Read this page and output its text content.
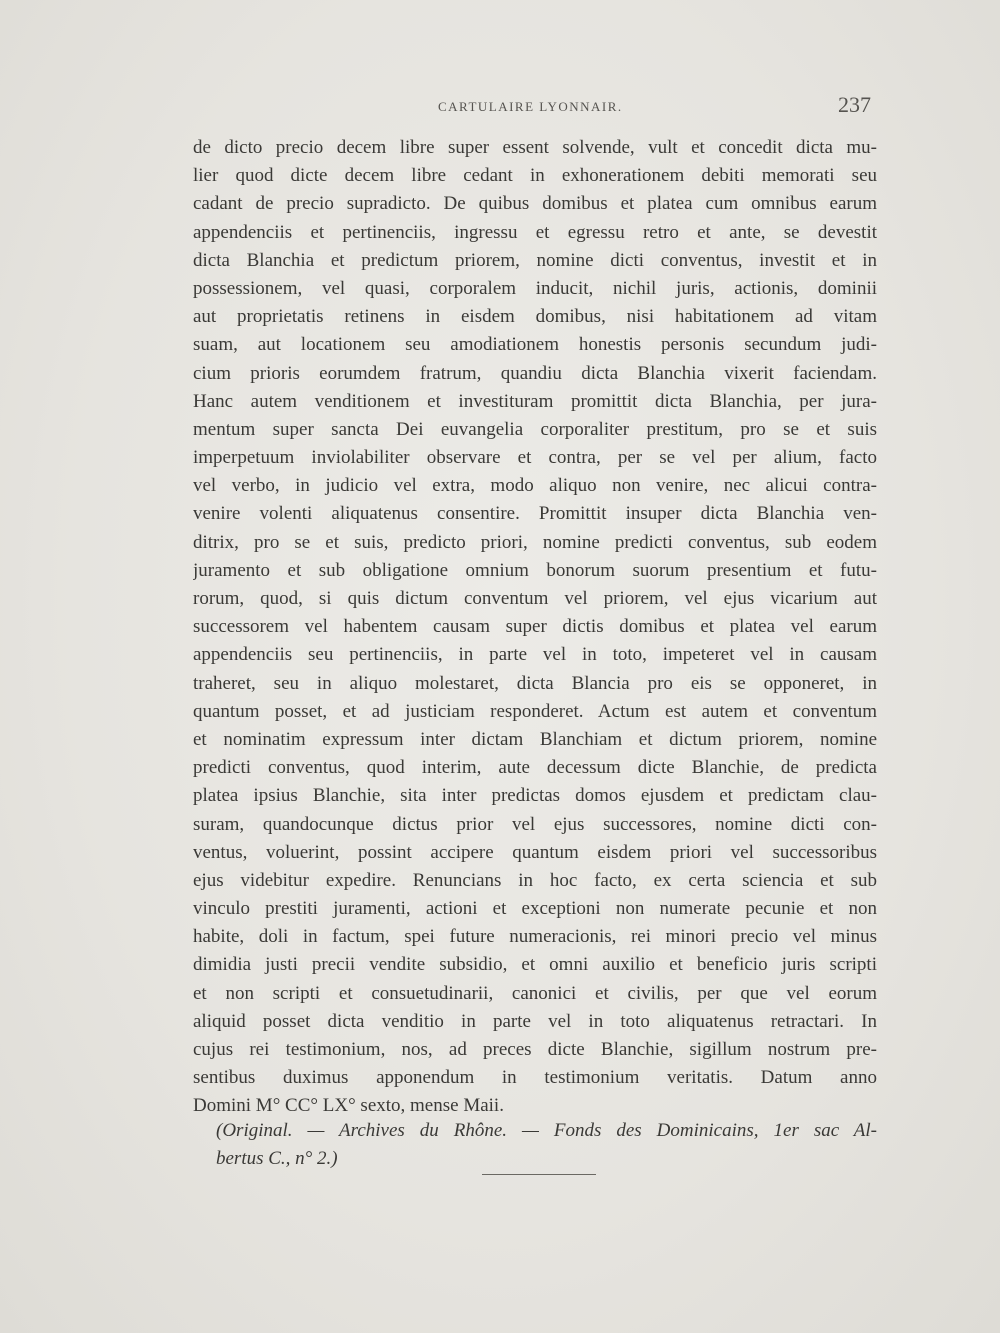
CARTULAIRE LYONNAIR.	237
de dicto precio decem libre super essent solvende, vult et concedit dicta mu-
lier quod dicte decem libre cedant in exhonerationem debiti memorati seu
cadant de precio supradicto. De quibus domibus et platea cum omnibus earum
appendenciis et pertinenciis, ingressu et egressu retro et ante, se devestit
dicta Blanchia et predictum priorem, nomine dicti conventus, investit et in
possessionem, vel quasi, corporalem inducit, nichil juris, actionis, dominii
aut proprietatis retinens in eisdem domibus, nisi habitationem ad vitam
suam, aut locationem seu amodiationem honestis personis secundum judi-
cium prioris eorumdem fratrum, quandiu dicta Blanchia vixerit faciendam.
Hanc autem venditionem et investituram promittit dicta Blanchia, per jura-
mentum super sancta Dei euvangelia corporaliter prestitum, pro se et suis
imperpetuum inviolabiliter observare et contra, per se vel per alium, facto
vel verbo, in judicio vel extra, modo aliquo non venire, nec alicui contra-
venire volenti aliquatenus consentire. Promittit insuper dicta Blanchia ven-
ditrix, pro se et suis, predicto priori, nomine predicti conventus, sub eodem
juramento et sub obligatione omnium bonorum suorum presentium et futu-
rorum, quod, si quis dictum conventum vel priorem, vel ejus vicarium aut
successorem vel habentem causam super dictis domibus et platea vel earum
appendenciis seu pertinenciis, in parte vel in toto, impeteret vel in causam
traheret, seu in aliquo molestaret, dicta Blancia pro eis se opponeret, in
quantum posset, et ad justiciam responderet. Actum est autem et conventum
et nominatim expressum inter dictam Blanchiam et dictum priorem, nomine
predicti conventus, quod interim, aute decessum dicte Blanchie, de predicta
platea ipsius Blanchie, sita inter predictas domos ejusdem et predictam clau-
suram, quandocunque dictus prior vel ejus successores, nomine dicti con-
ventus, voluerint, possint accipere quantum eisdem priori vel successoribus
ejus videbitur expedire. Renuncians in hoc facto, ex certa sciencia et sub
vinculo prestiti juramenti, actioni et exceptioni non numerate pecunie et non
habite, doli in factum, spei future numeracionis, rei minori precio vel minus
dimidia justi precii vendite subsidio, et omni auxilio et beneficio juris scripti
et non scripti et consuetudinarii, canonici et civilis, per que vel eorum
aliquid posset dicta venditio in parte vel in toto aliquatenus retractari. In
cujus rei testimonium, nos, ad preces dicte Blanchie, sigillum nostrum pre-
sentibus duximus apponendum in testimonium veritatis. Datum anno
Domini M° CC° LX° sexto, mense Maii.
(Original. — Archives du Rhône. — Fonds des Dominicains, 1er sac Al-
bertus C., n° 2.)
